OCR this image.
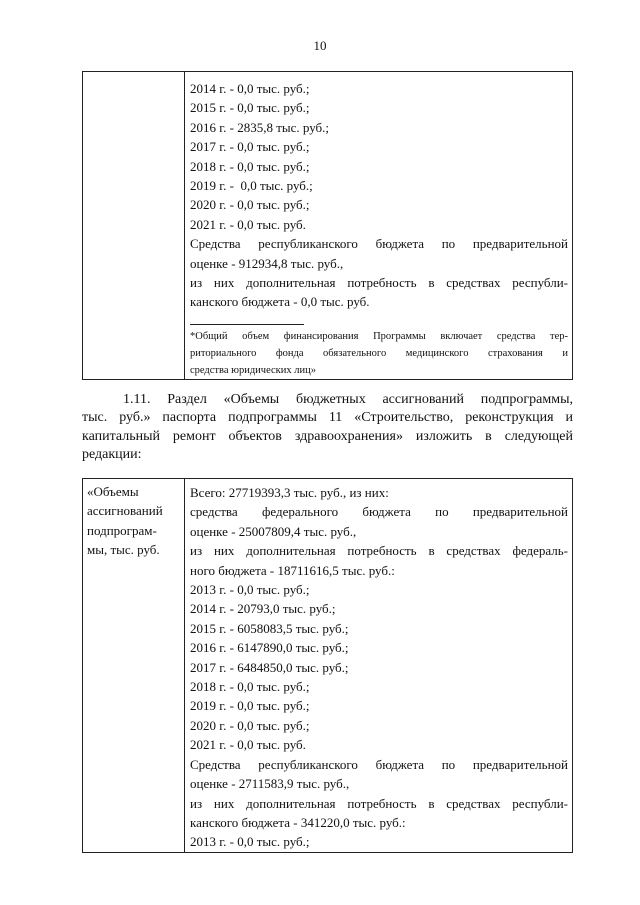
10

2014 г. - 0,0 тыс. руб.;
2015 г. - 0,0 тыс. руб.;
2016 г. - 2835,8 тыс. руб.;
2017 г. - 0,0 тыс. руб.;
2018 г. - 0,0 тыс. руб.;
2019 г. -  0,0 тыс. руб.;
2020 г. - 0,0 тыс. руб.;
2021 г. - 0,0 тыс. руб.
Средства республиканского бюджета по предварительной
оценке - 912934,8 тыс. руб.,
из них дополнительная потребность в средствах республи-
канского бюджета - 0,0 тыс. руб.
*Общий объем финансирования Программы включает средства тер-
риториального фонда обязательного медицинского страхования и
средства юридических лиц»
1.11. Раздел «Объемы бюджетных ассигнований подпрограммы,
тыс. руб.» паспорта подпрограммы 11 «Строительство, реконструкция и
капитальный ремонт объектов здравоохранения» изложить в следующей
редакции:
«Объемы
ассигнований
подпрограм-
мы, тыс. руб.

Всего: 27719393,3 тыс. руб., из них:
средства федерального бюджета по предварительной
оценке - 25007809,4 тыс. руб.,
из них дополнительная потребность в средствах федераль-
ного бюджета - 18711616,5 тыс. руб.:
2013 г. - 0,0 тыс. руб.;
2014 г. - 20793,0 тыс. руб.;
2015 г. - 6058083,5 тыс. руб.;
2016 г. - 6147890,0 тыс. руб.;
2017 г. - 6484850,0 тыс. руб.;
2018 г. - 0,0 тыс. руб.;
2019 г. - 0,0 тыс. руб.;
2020 г. - 0,0 тыс. руб.;
2021 г. - 0,0 тыс. руб.
Средства республиканского бюджета по предварительной
оценке - 2711583,9 тыс. руб.,
из них дополнительная потребность в средствах республи-
канского бюджета - 341220,0 тыс. руб.:
2013 г. - 0,0 тыс. руб.;
